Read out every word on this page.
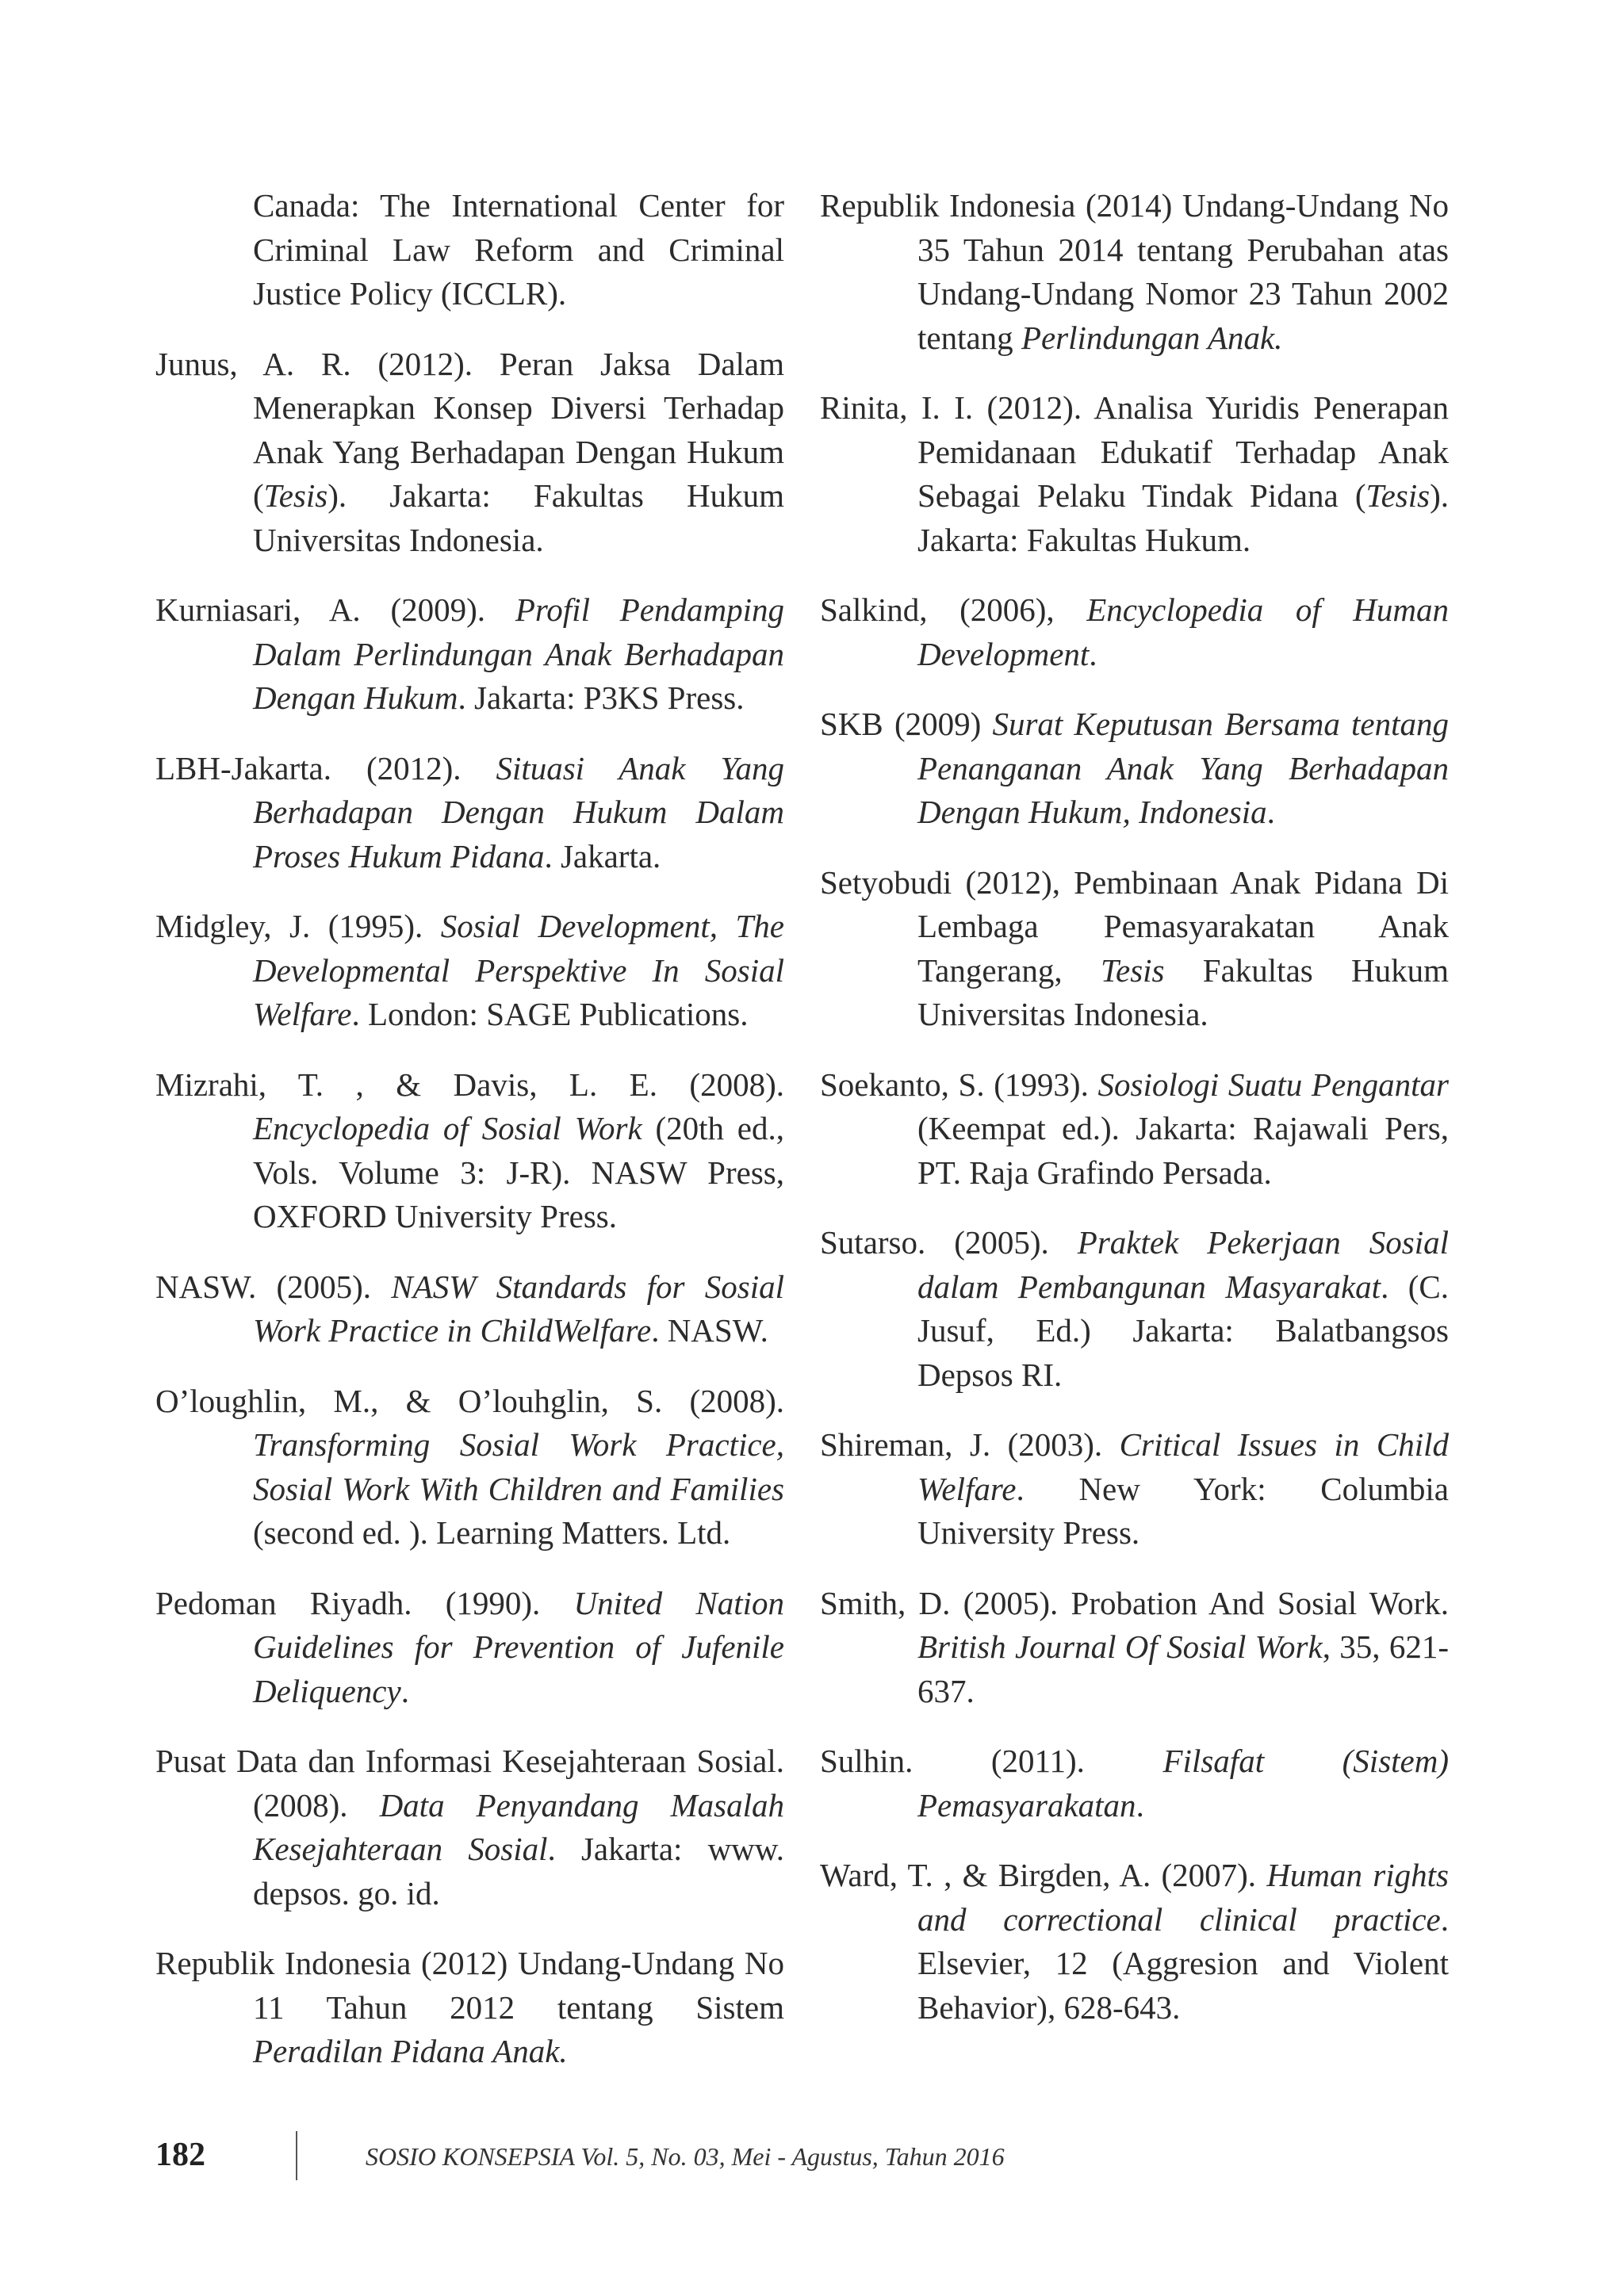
Canada: The International Center for Criminal Law Reform and Criminal Justice Policy (ICCLR).

Junus, A. R. (2012). Peran Jaksa Dalam Menerapkan Konsep Diversi Terhadap Anak Yang Berhadapan Dengan Hukum (Tesis). Jakarta: Fakultas Hukum Universitas Indonesia.

Kurniasari, A. (2009). Profil Pendamping Dalam Perlindungan Anak Berhadapan Dengan Hukum. Jakarta: P3KS Press.

LBH-Jakarta. (2012). Situasi Anak Yang Berhadapan Dengan Hukum Dalam Proses Hukum Pidana. Jakarta.

Midgley, J. (1995). Sosial Development, The Developmental Perspektive In Sosial Welfare. London: SAGE Publications.

Mizrahi, T. , & Davis, L. E. (2008). Encyclopedia of Sosial Work (20th ed., Vols. Volume 3: J-R). NASW Press, OXFORD University Press.

NASW. (2005). NASW Standards for Sosial Work Practice in ChildWelfare. NASW.

O’loughlin, M., & O’louhglin, S. (2008). Transforming Sosial Work Practice, Sosial Work With Children and Families (second ed. ). Learning Matters. Ltd.

Pedoman Riyadh. (1990). United Nation Guidelines for Prevention of Jufenile Deliquency.

Pusat Data dan Informasi Kesejahteraan Sosial. (2008). Data Penyandang Masalah Kesejahteraan Sosial. Jakarta: www. depsos. go. id.

Republik Indonesia (2012) Undang-Undang No 11 Tahun 2012 tentang Sistem Peradilan Pidana Anak.

Republik Indonesia (2014) Undang-Undang No 35 Tahun 2014 tentang Perubahan atas Undang-Undang Nomor 23 Tahun 2002 tentang Perlindungan Anak.

Rinita, I. I. (2012). Analisa Yuridis Penerapan Pemidanaan Edukatif Terhadap Anak Sebagai Pelaku Tindak Pidana (Tesis). Jakarta: Fakultas Hukum.

Salkind, (2006), Encyclopedia of Human Development.

SKB (2009) Surat Keputusan Bersama tentang Penanganan Anak Yang Berhadapan Dengan Hukum, Indonesia.

Setyobudi (2012), Pembinaan Anak Pidana Di Lembaga Pemasyarakatan Anak Tangerang, Tesis Fakultas Hukum Universitas Indonesia.

Soekanto, S. (1993). Sosiologi Suatu Pengantar (Keempat ed.). Jakarta: Rajawali Pers, PT. Raja Grafindo Persada.

Sutarso. (2005). Praktek Pekerjaan Sosial dalam Pembangunan Masyarakat. (C. Jusuf, Ed.) Jakarta: Balatbangsos Depsos RI.

Shireman, J. (2003). Critical Issues in Child Welfare. New York: Columbia University Press.

Smith, D. (2005). Probation And Sosial Work. British Journal Of Sosial Work, 35, 621-637.

Sulhin. (2011). Filsafat (Sistem) Pemasyarakatan.

Ward, T. , & Birgden, A. (2007). Human rights and correctional clinical practice. Elsevier, 12 (Aggresion and Violent Behavior), 628-643.

182	SOSIO KONSEPSIA Vol. 5, No. 03, Mei - Agustus, Tahun 2016
